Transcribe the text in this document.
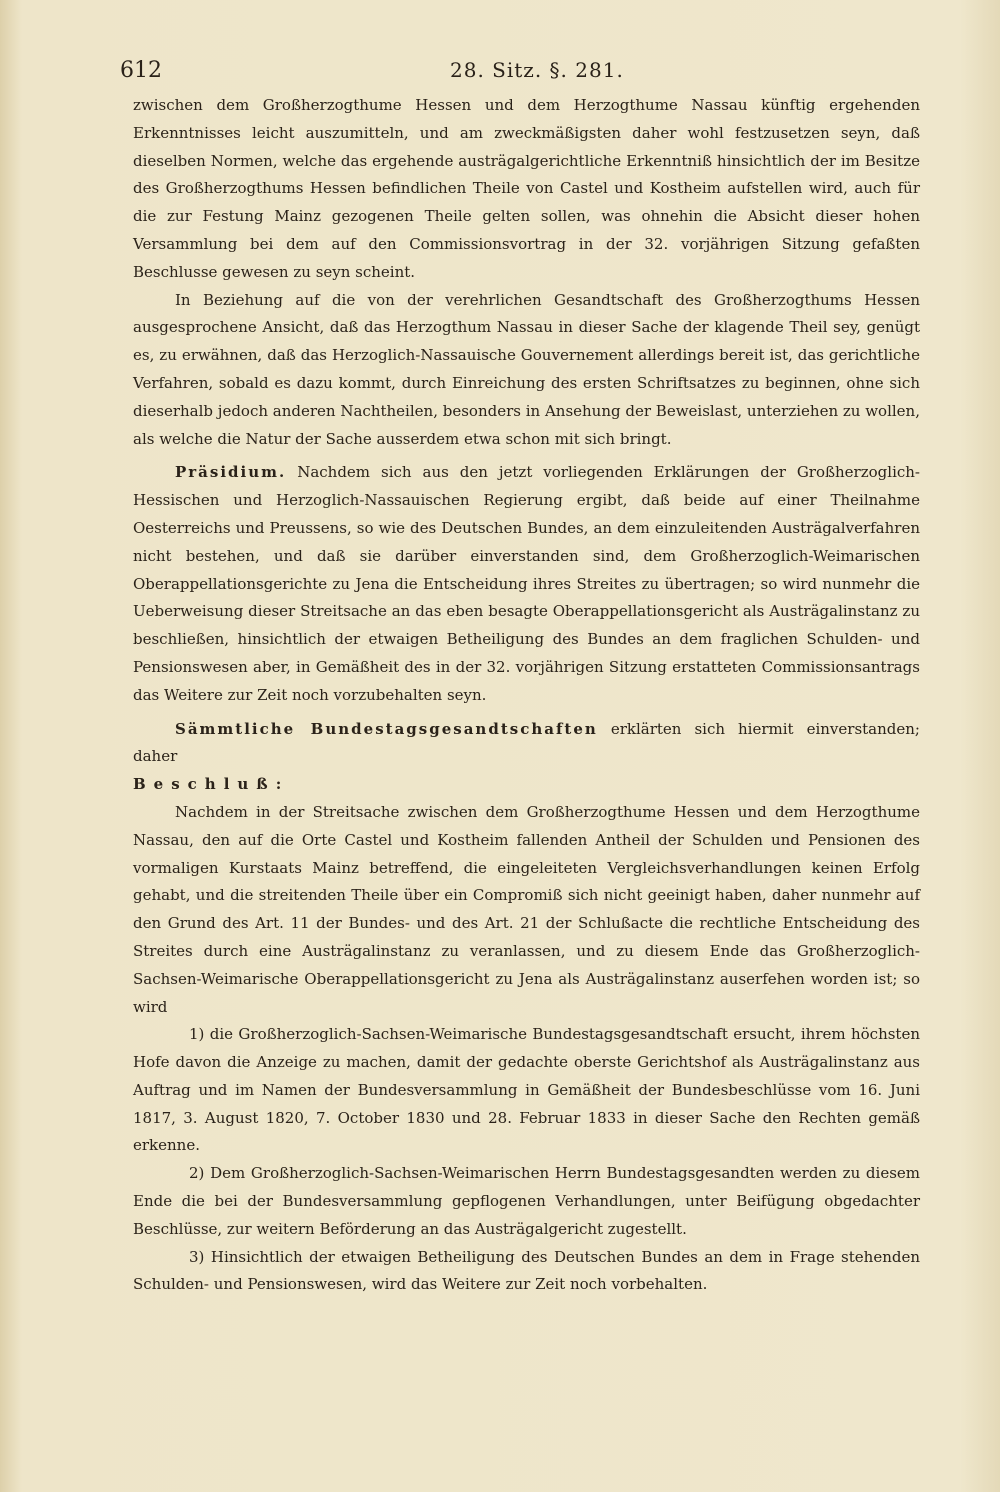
612	28. Sitz. §. 281.

zwischen dem Großherzogthume Hessen und dem Herzogthume Nassau künftig ergehenden Erkenntnisses leicht auszumitteln, und am zweckmäßigsten daher wohl festzusetzen seyn, daß dieselben Normen, welche das ergehende austrägalgerichtliche Erkenntniß hinsichtlich der im Besitze des Großherzogthums Hessen befindlichen Theile von Castel und Kostheim aufstellen wird, auch für die zur Festung Mainz gezogenen Theile gelten sollen, was ohnehin die Absicht dieser hohen Versammlung bei dem auf den Commissionsvortrag in der 32. vorjährigen Sitzung gefaßten Beschlusse gewesen zu seyn scheint.

In Beziehung auf die von der verehrlichen Gesandtschaft des Großherzogthums Hessen ausgesprochene Ansicht, daß das Herzogthum Nassau in dieser Sache der klagende Theil sey, genügt es, zu erwähnen, daß das Herzoglich-Nassauische Gouvernement allerdings bereit ist, das gerichtliche Verfahren, sobald es dazu kommt, durch Einreichung des ersten Schriftsatzes zu beginnen, ohne sich dieserhalb jedoch anderen Nachtheilen, besonders in Ansehung der Beweislast, unterziehen zu wollen, als welche die Natur der Sache ausserdem etwa schon mit sich bringt.

Präsidium. Nachdem sich aus den jetzt vorliegenden Erklärungen der Großherzoglich-Hessischen und Herzoglich-Nassauischen Regierung ergibt, daß beide auf einer Theilnahme Oesterreichs und Preussens, so wie des Deutschen Bundes, an dem einzuleitenden Austrägalverfahren nicht bestehen, und daß sie darüber einverstanden sind, dem Großherzoglich-Weimarischen Oberappellationsgerichte zu Jena die Entscheidung ihres Streites zu übertragen; so wird nunmehr die Ueberweisung dieser Streitsache an das eben besagte Oberappellationsgericht als Austrägalinstanz zu beschließen, hinsichtlich der etwaigen Betheiligung des Bundes an dem fraglichen Schulden- und Pensionswesen aber, in Gemäßheit des in der 32. vorjährigen Sitzung erstatteten Commissionsantrags das Weitere zur Zeit noch vorzubehalten seyn.

Sämmtliche Bundestagsgesandtschaften erklärten sich hiermit einverstanden; daher

Beschluß:

Nachdem in der Streitsache zwischen dem Großherzogthume Hessen und dem Herzogthume Nassau, den auf die Orte Castel und Kostheim fallenden Antheil der Schulden und Pensionen des vormaligen Kurstaats Mainz betreffend, die eingeleiteten Vergleichsverhandlungen keinen Erfolg gehabt, und die streitenden Theile über ein Compromiß sich nicht geeinigt haben, daher nunmehr auf den Grund des Art. 11 der Bundes- und des Art. 21 der Schlußacte die rechtliche Entscheidung des Streites durch eine Austrägalinstanz zu veranlassen, und zu diesem Ende das Großherzoglich-Sachsen-Weimarische Oberappellationsgericht zu Jena als Austrägalinstanz auserfehen worden ist; so wird

1) die Großherzoglich-Sachsen-Weimarische Bundestagsgesandtschaft ersucht, ihrem höchsten Hofe davon die Anzeige zu machen, damit der gedachte oberste Gerichtshof als Austrägalinstanz aus Auftrag und im Namen der Bundesversammlung in Gemäßheit der Bundesbeschlüsse vom 16. Juni 1817, 3. August 1820, 7. October 1830 und 28. Februar 1833 in dieser Sache den Rechten gemäß erkenne.

2) Dem Großherzoglich-Sachsen-Weimarischen Herrn Bundestagsgesandten werden zu diesem Ende die bei der Bundesversammlung gepflogenen Verhandlungen, unter Beifügung obgedachter Beschlüsse, zur weitern Beförderung an das Austrägalgericht zugestellt.

3) Hinsichtlich der etwaigen Betheiligung des Deutschen Bundes an dem in Frage stehenden Schulden- und Pensionswesen, wird das Weitere zur Zeit noch vorbehalten.
